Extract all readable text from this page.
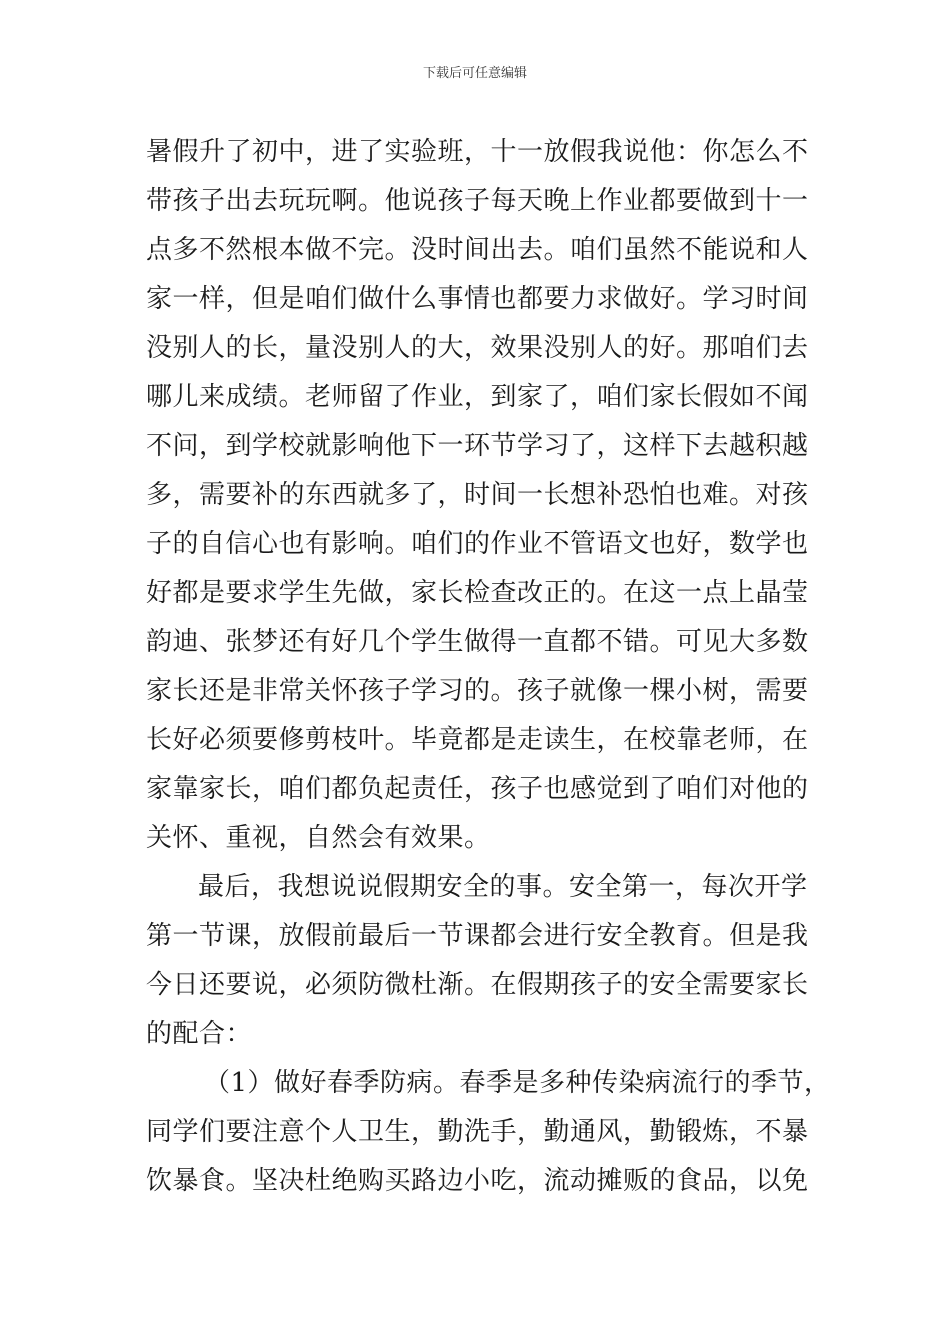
下载后可任意编辑
暑假升了初中，进了实验班，十一放假我说他：你怎么不
带孩子出去玩玩啊。他说孩子每天晚上作业都要做到十一
点多不然根本做不完。没时间出去。咱们虽然不能说和人
家一样，但是咱们做什么事情也都要力求做好。学习时间
没别人的长，量没别人的大，效果没别人的好。那咱们去
哪儿来成绩。老师留了作业，到家了，咱们家长假如不闻
不问，到学校就影响他下一环节学习了，这样下去越积越
多，需要补的东西就多了，时间一长想补恐怕也难。对孩
子的自信心也有影响。咱们的作业不管语文也好，数学也
好都是要求学生先做，家长检查改正的。在这一点上晶莹
韵迪、张梦还有好几个学生做得一直都不错。可见大多数
家长还是非常关怀孩子学习的。孩子就像一棵小树，需要
长好必须要修剪枝叶。毕竟都是走读生，在校靠老师，在
家靠家长，咱们都负起责任，孩子也感觉到了咱们对他的
关怀、重视，自然会有效果。
最后，我想说说假期安全的事。安全第一，每次开学
第一节课，放假前最后一节课都会进行安全教育。但是我
今日还要说，必须防微杜渐。在假期孩子的安全需要家长
的配合：
（1）做好春季防病。春季是多种传染病流行的季节，
同学们要注意个人卫生，勤洗手，勤通风，勤锻炼，不暴
饮暴食。坚决杜绝购买路边小吃，流动摊贩的食品，以免
